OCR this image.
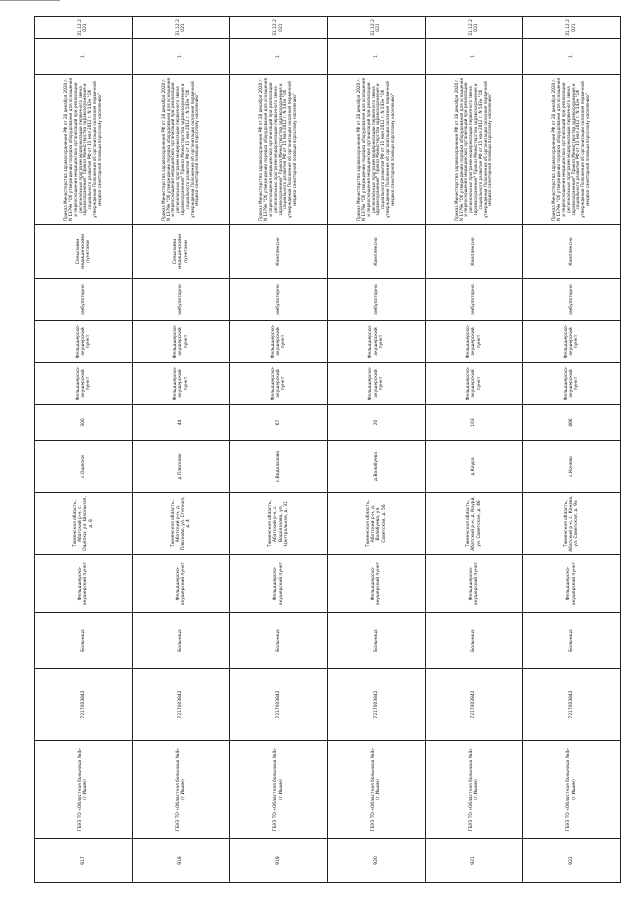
917	ГБУЗ ТО «Областная больница №4» (г.Ишим)	7217003842	Больница	Фельдшерско-акушерский пункт	Тюменская область, Абатский р-н, с. Ощепки, ул. Школьная, д. 8	с.Ощепки	300	Фельдшерско-акушерский пункт	Фельдшерско-акушерский пункт	амбулаторно	Сельскими медицинскими пунктами	Приказ Министерства здравоохранения РФ от 28 декабря 2020 г. N 1379н "Об утверждении порядка оборудования для оснащения и переоснащения медицинских организаций при реализации региональных программ модернизации первичного звена здравоохранения" Приказ Министерства здравоохранения и социального развития РФ от 15 мая 2012 г. N 543н "Об утверждении Положения об организации оказания первичной медико-санитарной помощи взрослому населению"	1	31.12.2021
918	ГБУЗ ТО «Областная больница №4» (г.Ишим)	7217003842	Больница	Фельдшерско-акушерский пункт	Тюменская область, Абатский р-н, д. Плосково, ул. Степная, д. 4	д.Плосково	44	Фельдшерско-акушерский пункт	Фельдшерско-акушерский пункт	амбулаторно	Сельскими медицинскими пунктами	Приказ Министерства здравоохранения РФ от 28 декабря 2020 г. N 1379н "Об утверждении порядка оборудования для оснащения и переоснащения медицинских организаций при реализации региональных программ модернизации первичного звена здравоохранения" Приказ Министерства здравоохранения и социального развития РФ от 15 мая 2012 г. N 543н "Об утверждении Положения об организации оказания первичной медико-санитарной помощи взрослому населению"	1	31.12.2021
919	ГБУЗ ТО «Областная больница №4» (г.Ишим)	7217003842	Больница	Фельдшерско-акушерский пункт	Тюменская область, Абатский р-н, с. Водолазово, ул. Центральная, д. 31	с.Водолазово	67	Фельдшерско-акушерский пункт	Фельдшерско-акушерский пункт	амбулаторно	Комплексно	Приказ Министерства здравоохранения РФ от 28 декабря 2020 г. N 1379н "Об утверждении порядка оборудования для оснащения и переоснащения медицинских организаций при реализации региональных программ модернизации первичного звена здравоохранения" Приказ Министерства здравоохранения и социального развития РФ от 15 мая 2012 г. N 543н "Об утверждении Положения об организации оказания первичной медико-санитарной помощи взрослому населению"	1	31.12.2021
920	ГБУЗ ТО «Областная больница №4» (г.Ишим)	7217003842	Больница	Фельдшерско-акушерский пункт	Тюменская область, Абатский р-н, д. Волобуева, ул. Советская, д. 5б	д.Волобуева	20	Фельдшерско-акушерский пункт	Фельдшерско-акушерский пункт	амбулаторно	Комплексно	Приказ Министерства здравоохранения РФ от 28 декабря 2020 г. N 1379н "Об утверждении порядка оборудования для оснащения и переоснащения медицинских организаций при реализации региональных программ модернизации первичного звена здравоохранения" Приказ Министерства здравоохранения и социального развития РФ от 15 мая 2012 г. N 543н "Об утверждении Положения об организации оказания первичной медико-санитарной помощи взрослому населению"	1	31.12.2021
921	ГБУЗ ТО «Областная больница №4» (г.Ишим)	7217003842	Больница	Фельдшерско-акушерский пункт	Тюменская область, Абатский р-н, д. Коурй, ул. Советская, д. 46	д.Коура	103	Фельдшерско-акушерский пункт	Фельдшерско-акушерский пункт	амбулаторно	Комплексно	Приказ Министерства здравоохранения РФ от 28 декабря 2020 г. N 1379н "Об утверждении порядка оборудования для оснащения и переоснащения медицинских организаций при реализации региональных программ модернизации первичного звена здравоохранения" Приказ Министерства здравоохранения и социального развития РФ от 15 мая 2012 г. N 543н "Об утверждении Положения об организации оказания первичной медико-санитарной помощи взрослому населению"	1	31.12.2021
922	ГБУЗ ТО «Областная больница №4» (г.Ишим)	7217003842	Больница	Фельдшерско-акушерский пункт	Тюменская область, Абатский р-н, с. Конево, ул. Советская, д. 9а	с.Конево	466	Фельдшерско-акушерский пункт	Фельдшерско-акушерский пункт	амбулаторно	Комплексно	Приказ Министерства здравоохранения РФ от 28 декабря 2020 г. N 1379н "Об утверждении порядка оборудования для оснащения и переоснащения медицинских организаций при реализации региональных программ модернизации первичного звена здравоохранения" Приказ Министерства здравоохранения и социального развития РФ от 15 мая 2012 г. N 543н "Об утверждении Положения об организации оказания первичной медико-санитарной помощи взрослому населению"	1	31.12.2021
